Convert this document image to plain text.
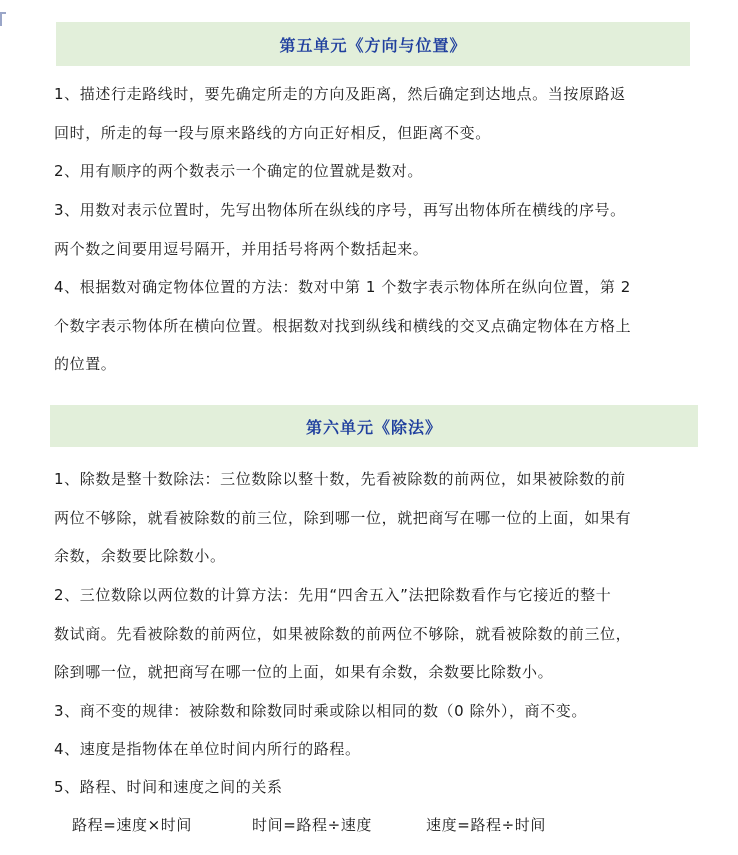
第五单元《方向与位置》
1、描述行走路线时，要先确定所走的方向及距离，然后确定到达地点。当按原路返
回时，所走的每一段与原来路线的方向正好相反，但距离不变。
2、用有顺序的两个数表示一个确定的位置就是数对。
3、用数对表示位置时，先写出物体所在纵线的序号，再写出物体所在横线的序号。
两个数之间要用逗号隔开，并用括号将两个数括起来。
4、根据数对确定物体位置的方法：数对中第 1 个数字表示物体所在纵向位置，第 2
个数字表示物体所在横向位置。根据数对找到纵线和横线的交叉点确定物体在方格上
的位置。
第六单元《除法》
1、除数是整十数除法：三位数除以整十数，先看被除数的前两位，如果被除数的前
两位不够除，就看被除数的前三位，除到哪一位，就把商写在哪一位的上面，如果有
余数，余数要比除数小。
2、三位数除以两位数的计算方法：先用“四舍五入”法把除数看作与它接近的整十
数试商。先看被除数的前两位，如果被除数的前两位不够除，就看被除数的前三位，
除到哪一位，就把商写在哪一位的上面，如果有余数，余数要比除数小。
3、商不变的规律：被除数和除数同时乘或除以相同的数（0 除外），商不变。
4、速度是指物体在单位时间内所行的路程。
5、路程、时间和速度之间的关系
路程=速度×时间	时间=路程÷速度	速度=路程÷时间
